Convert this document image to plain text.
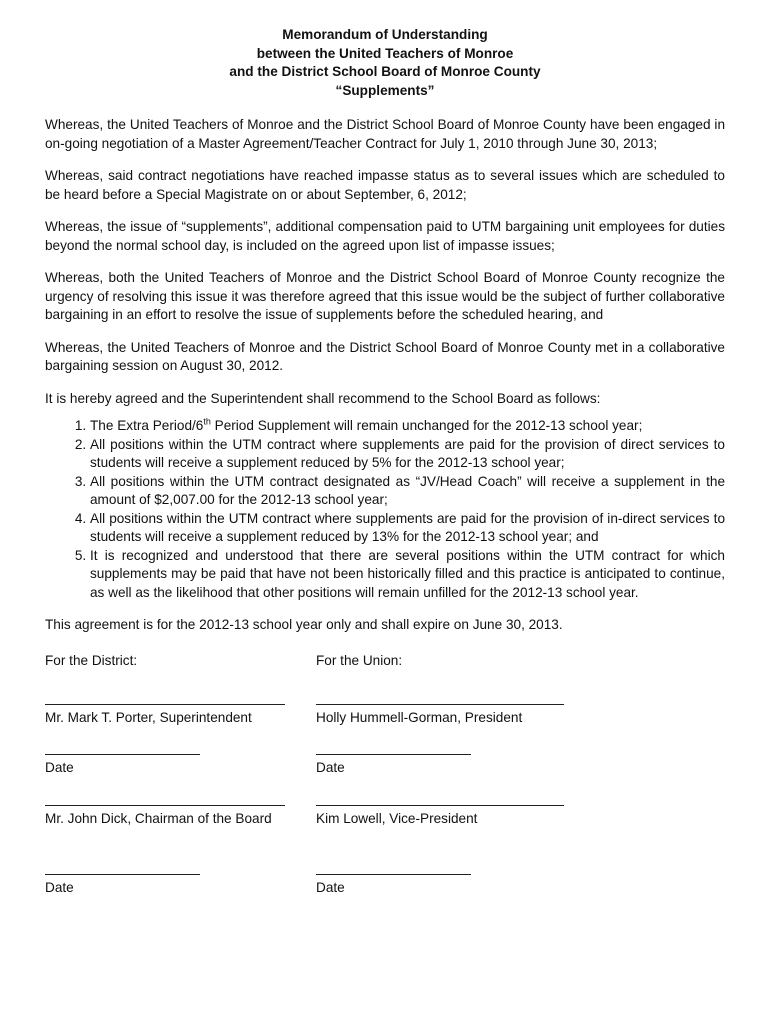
Memorandum of Understanding
between the United Teachers of Monroe
and the District School Board of Monroe County
“Supplements”

Whereas, the United Teachers of Monroe and the District School Board of Monroe County have been engaged in on-going negotiation of a Master Agreement/Teacher Contract for July 1, 2010 through June 30, 2013;

Whereas, said contract negotiations have reached impasse status as to several issues which are scheduled to be heard before a Special Magistrate on or about September, 6, 2012;

Whereas, the issue of “supplements”, additional compensation paid to UTM bargaining unit employees for duties beyond the normal school day, is included on the agreed upon list of impasse issues;

Whereas, both the United Teachers of Monroe and the District School Board of Monroe County recognize the urgency of resolving this issue it was therefore agreed that this issue would be the subject of further collaborative bargaining in an effort to resolve the issue of supplements before the scheduled hearing, and

Whereas, the United Teachers of Monroe and the District School Board of Monroe County met in a collaborative bargaining session on August 30, 2012.

It is hereby agreed and the Superintendent shall recommend to the School Board as follows:

1. The Extra Period/6th Period Supplement will remain unchanged for the 2012-13 school year;
2. All positions within the UTM contract where supplements are paid for the provision of direct services to students will receive a supplement reduced by 5% for the 2012-13 school year;
3. All positions within the UTM contract designated as “JV/Head Coach” will receive a supplement in the amount of $2,007.00 for the 2012-13 school year;
4. All positions within the UTM contract where supplements are paid for the provision of in-direct services to students will receive a supplement reduced by 13% for the 2012-13 school year; and
5. It is recognized and understood that there are several positions within the UTM contract for which supplements may be paid that have not been historically filled and this practice is anticipated to continue, as well as the likelihood that other positions will remain unfilled for the 2012-13 school year.

This agreement is for the 2012-13 school year only and shall expire on June 30, 2013.

For the District:	For the Union:
Mr. Mark T. Porter, Superintendent	Holly Hummell-Gorman, President
Date	Date
Mr. John Dick, Chairman of the Board	Kim Lowell, Vice-President
Date	Date
